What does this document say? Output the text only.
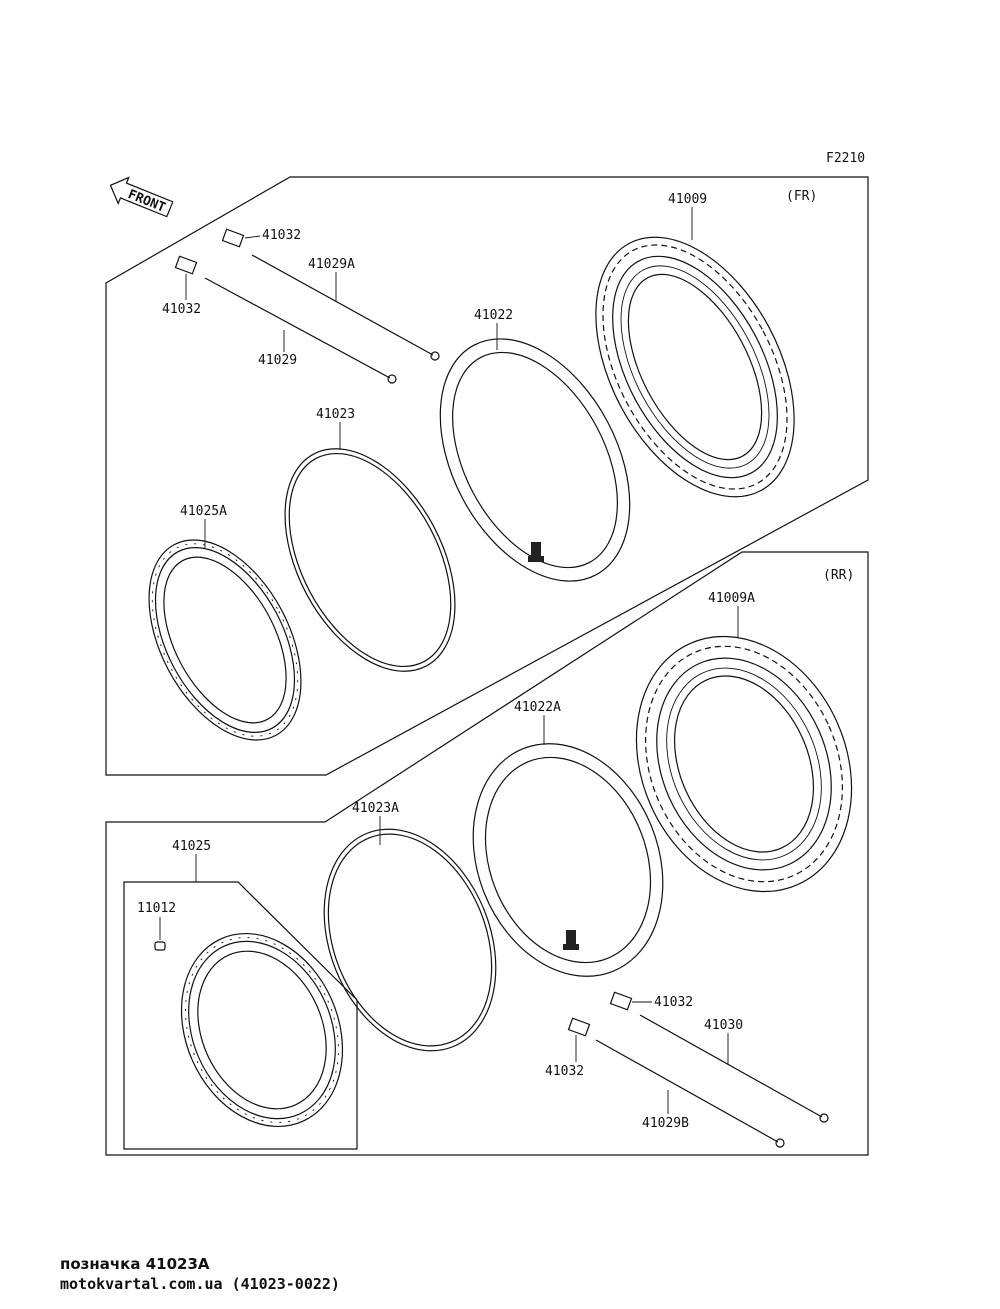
F2210
FRONT	(FR)
41009
41022
41023
41025A
41032
41032
41029A
41029
(RR)
41009A
41022A
41023A
41025
11012
41032
41032
41030
41029B
позначка 41023A
motokvartal.com.ua (41023-0022)
